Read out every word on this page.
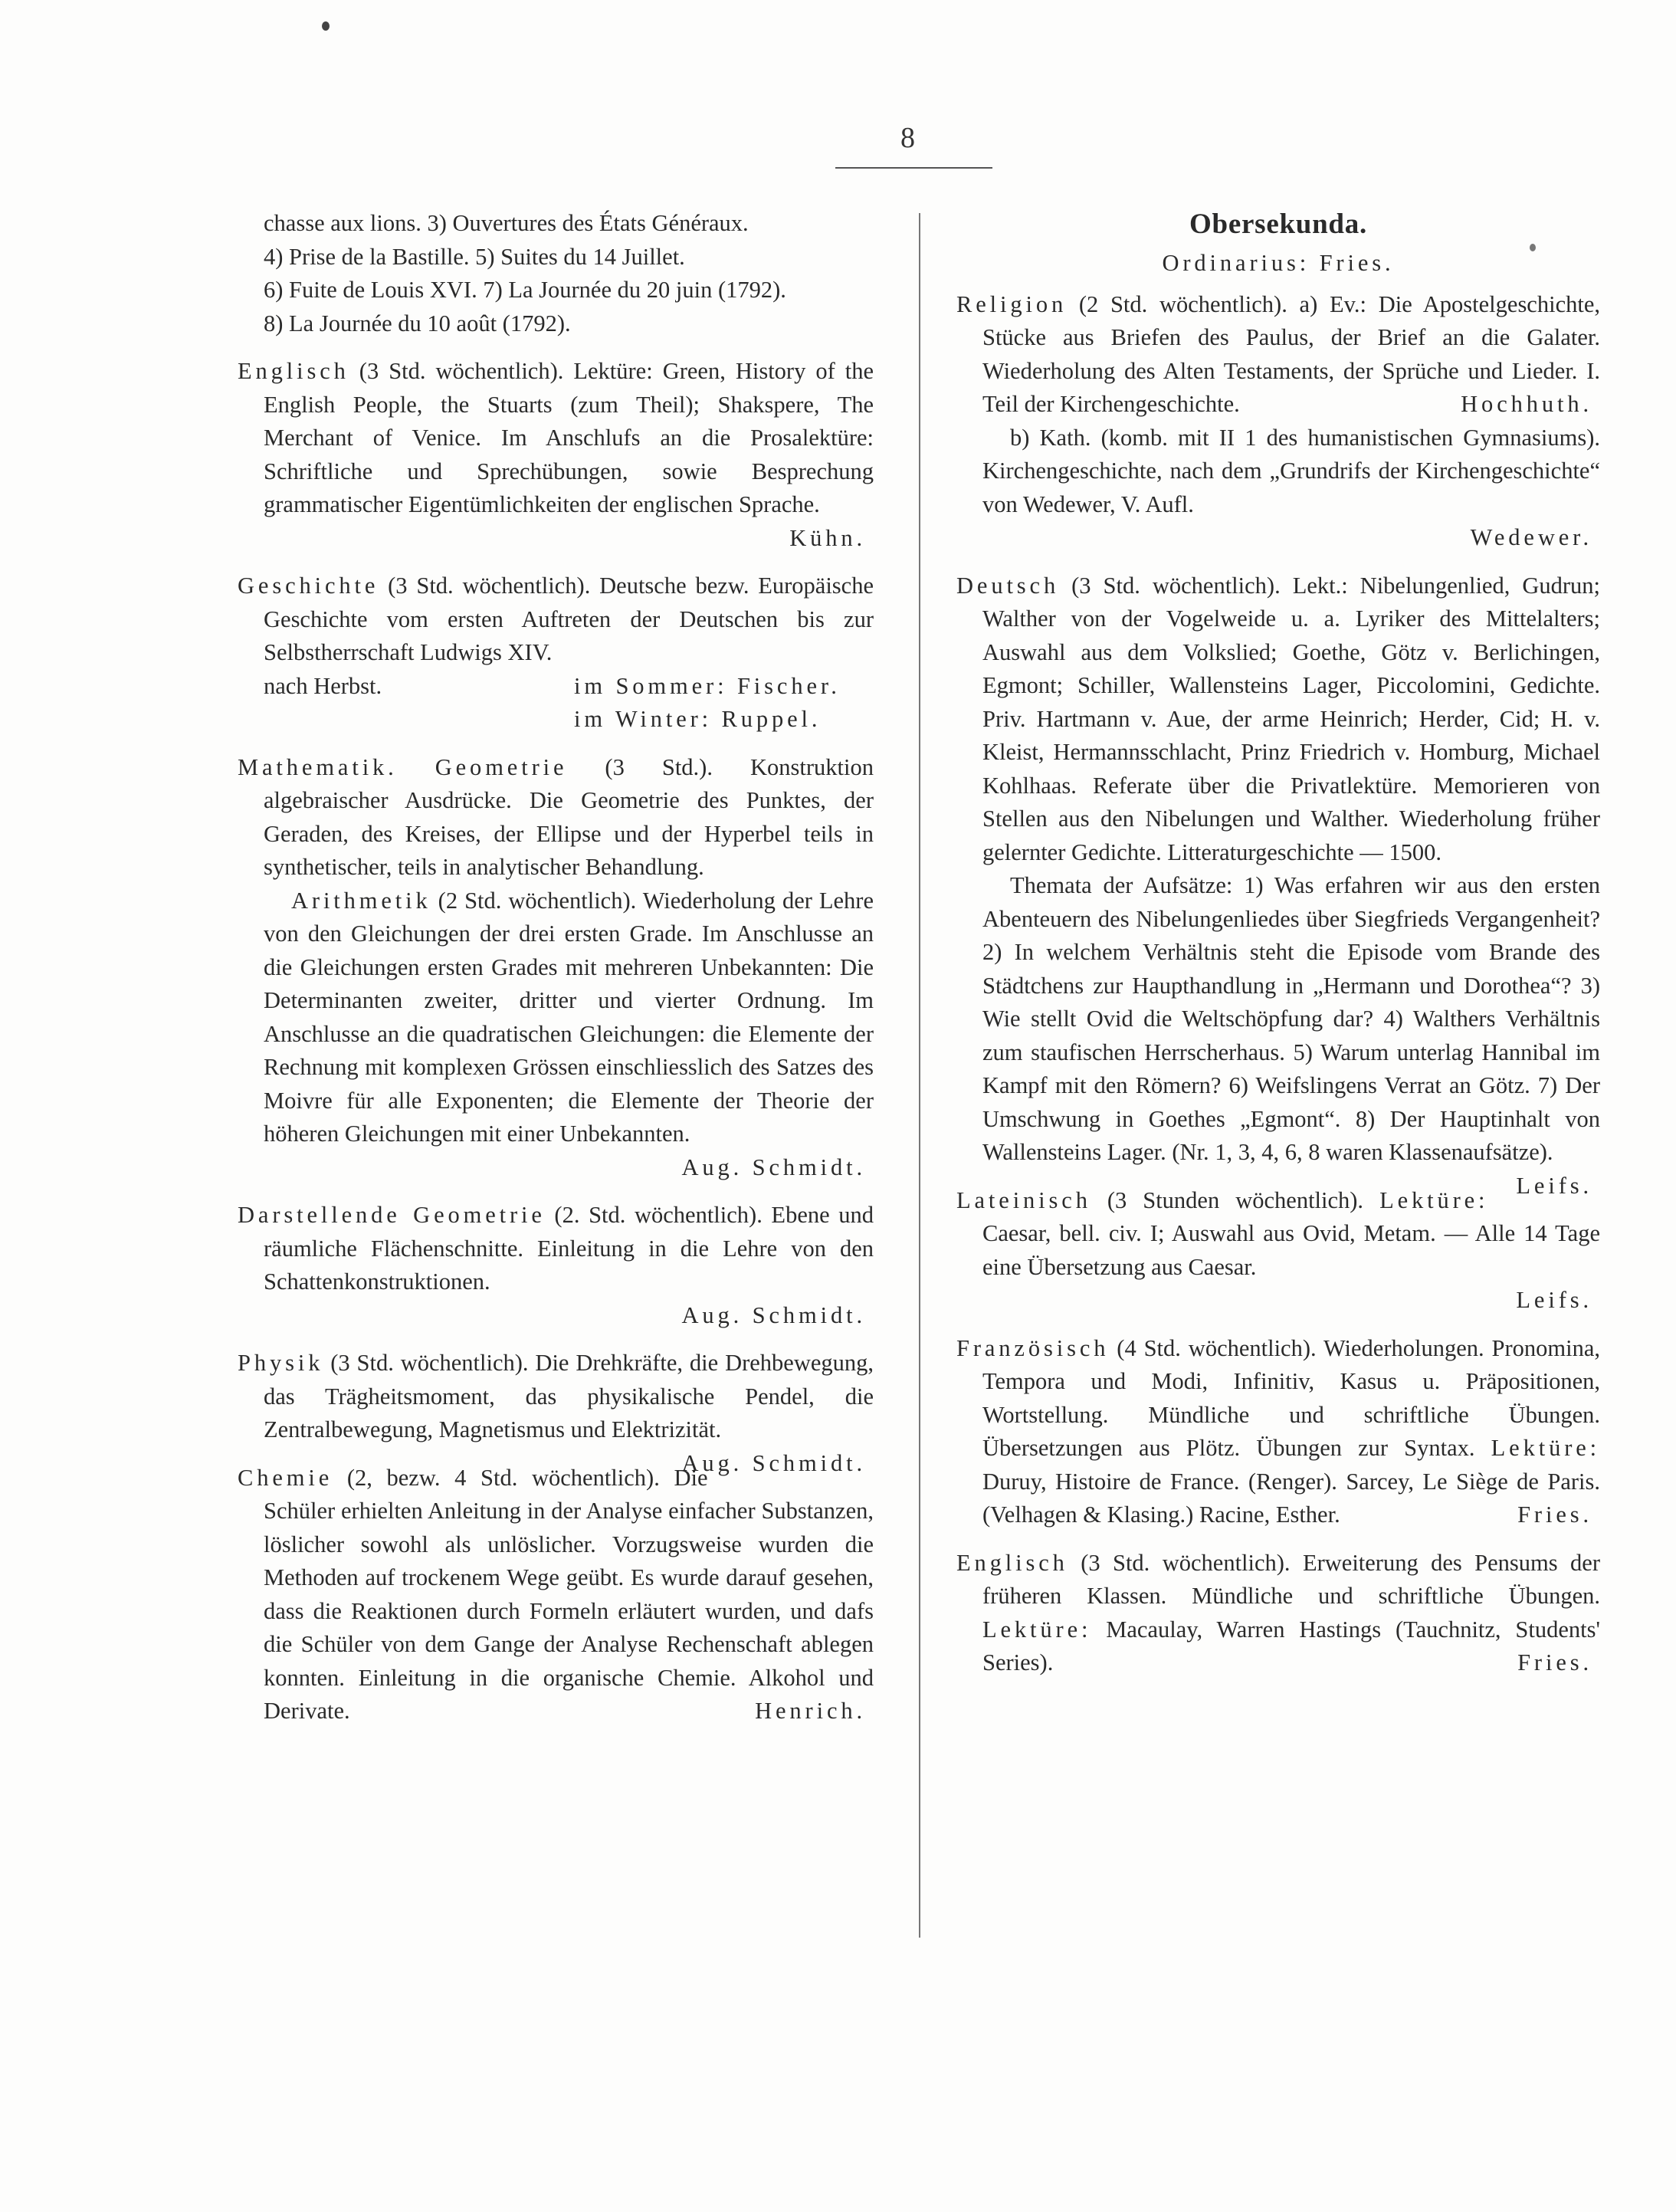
8
chasse aux lions. 3) Ouvertures des États Généraux.
4) Prise de la Bastille. 5) Suites du 14 Juillet.
6) Fuite de Louis XVI. 7) La Journée du 20 juin (1792).
8) La Journée du 10 août (1792).

Englisch (3 Std. wöchentlich). Lektüre: Green, History of the English People, the Stuarts (zum Theil); Shakspere, The Merchant of Venice. Im Anschlufs an die Prosalektüre: Schriftliche und Sprechübungen, sowie Besprechung grammatischer Eigentümlichkeiten der englischen Sprache.

Kühn.

Geschichte (3 Std. wöchentlich). Deutsche bezw. Europäische Geschichte vom ersten Auftreten der Deutschen bis zur Selbstherrschaft Ludwigs XIV.

nach Herbst.	im Sommer: Fischer.
im Winter: Ruppel.

Mathematik. Geometrie (3 Std.). Konstruktion algebraischer Ausdrücke. Die Geometrie des Punktes, der Geraden, des Kreises, der Ellipse und der Hyperbel teils in synthetischer, teils in analytischer Behandlung.

Arithmetik (2 Std. wöchentlich). Wiederholung der Lehre von den Gleichungen der drei ersten Grade. Im Anschlusse an die Gleichungen ersten Grades mit mehreren Unbekannten: Die Determinanten zweiter, dritter und vierter Ordnung. Im Anschlusse an die quadratischen Gleichungen: die Elemente der Rechnung mit komplexen Grössen einschliesslich des Satzes des Moivre für alle Exponenten; die Elemente der Theorie der höheren Gleichungen mit einer Unbekannten.

Aug. Schmidt.

Darstellende Geometrie (2. Std. wöchentlich). Ebene und räumliche Flächenschnitte. Einleitung in die Lehre von den Schattenkonstruktionen.

Aug. Schmidt.

Physik (3 Std. wöchentlich). Die Drehkräfte, die Drehbewegung, das Trägheitsmoment, das physikalische Pendel, die Zentralbewegung, Magnetismus und Elektrizität.
Aug. Schmidt.

Chemie (2, bezw. 4 Std. wöchentlich). Die Schüler erhielten Anleitung in der Analyse einfacher Substanzen, löslicher sowohl als unlöslicher. Vorzugsweise wurden die Methoden auf trockenem Wege geübt. Es wurde darauf gesehen, dass die Reaktionen durch Formeln erläutert wurden, und dafs die Schüler von dem Gange der Analyse Rechenschaft ablegen konnten. Einleitung in die organische Chemie. Alkohol und Derivate.	Henrich.

Obersekunda.
Ordinarius: Fries.

Religion (2 Std. wöchentlich). a) Ev.: Die Apostelgeschichte, Stücke aus Briefen des Paulus, der Brief an die Galater. Wiederholung des Alten Testaments, der Sprüche und Lieder. I. Teil der Kirchengeschichte.	Hochhuth.

b) Kath. (komb. mit II 1 des humanistischen Gymnasiums). Kirchengeschichte, nach dem „Grundrifs der Kirchengeschichte“ von Wedewer, V. Aufl.

Wedewer.

Deutsch (3 Std. wöchentlich). Lekt.: Nibelungenlied, Gudrun; Walther von der Vogelweide u. a. Lyriker des Mittelalters; Auswahl aus dem Volkslied; Goethe, Götz v. Berlichingen, Egmont; Schiller, Wallensteins Lager, Piccolomini, Gedichte. Priv. Hartmann v. Aue, der arme Heinrich; Herder, Cid; H. v. Kleist, Hermannsschlacht, Prinz Friedrich v. Homburg, Michael Kohlhaas. Referate über die Privatlektüre. Memorieren von Stellen aus den Nibelungen und Walther. Wiederholung früher gelernter Gedichte. Litteraturgeschichte — 1500.

Themata der Aufsätze: 1) Was erfahren wir aus den ersten Abenteuern des Nibelungenliedes über Siegfrieds Vergangenheit? 2) In welchem Verhältnis steht die Episode vom Brande des Städtchens zur Haupthandlung in „Hermann und Dorothea“? 3) Wie stellt Ovid die Weltschöpfung dar? 4) Walthers Verhältnis zum staufischen Herrscherhaus. 5) Warum unterlag Hannibal im Kampf mit den Römern? 6) Weifslingens Verrat an Götz. 7) Der Umschwung in Goethes „Egmont“. 8) Der Hauptinhalt von Wallensteins Lager. (Nr. 1, 3, 4, 6, 8 waren Klassenaufsätze).
Leifs.

Lateinisch (3 Stunden wöchentlich). Lektüre: Caesar, bell. civ. I; Auswahl aus Ovid, Metam. — Alle 14 Tage eine Übersetzung aus Caesar.

Leifs.

Französisch (4 Std. wöchentlich). Wiederholungen. Pronomina, Tempora und Modi, Infinitiv, Kasus u. Präpositionen, Wortstellung. Mündliche und schriftliche Übungen. Übersetzungen aus Plötz. Übungen zur Syntax. Lektüre: Duruy, Histoire de France. (Renger). Sarcey, Le Siège de Paris. (Velhagen & Klasing.) Racine, Esther.	Fries.

Englisch (3 Std. wöchentlich). Erweiterung des Pensums der früheren Klassen. Mündliche und schriftliche Übungen. Lektüre: Macaulay, Warren Hastings (Tauchnitz, Students' Series).	Fries.
